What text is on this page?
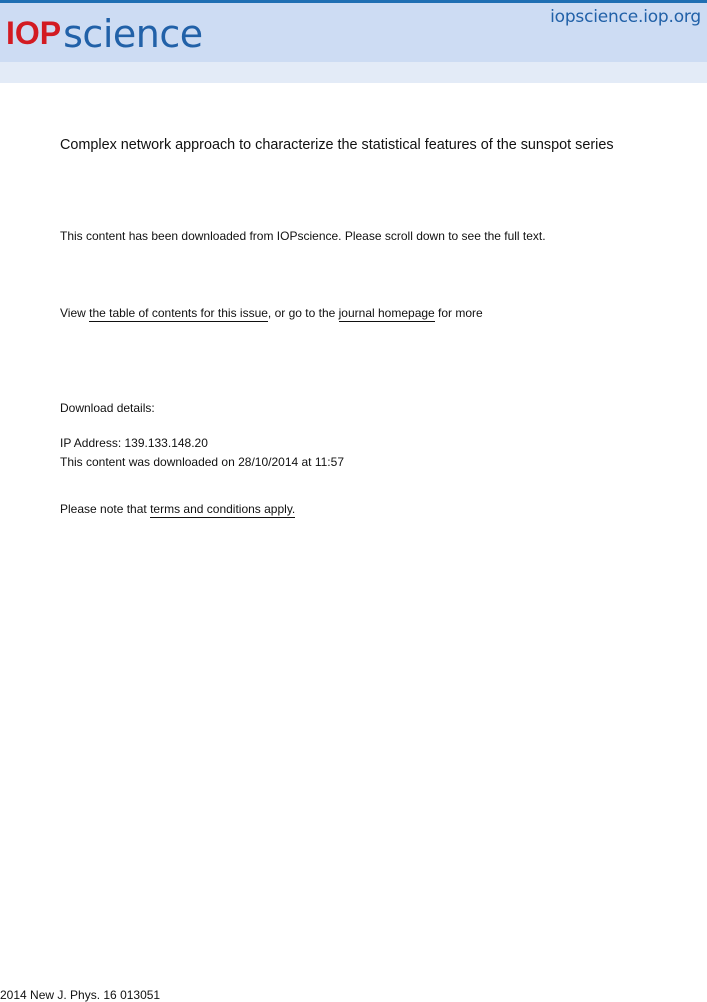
IOP science	iopscience.iop.org
Complex network approach to characterize the statistical features of the sunspot series
This content has been downloaded from IOPscience. Please scroll down to see the full text.
View the table of contents for this issue, or go to the journal homepage for more
Download details:
IP Address: 139.133.148.20
This content was downloaded on 28/10/2014 at 11:57
Please note that terms and conditions apply.
2014 New J. Phys. 16 013051
